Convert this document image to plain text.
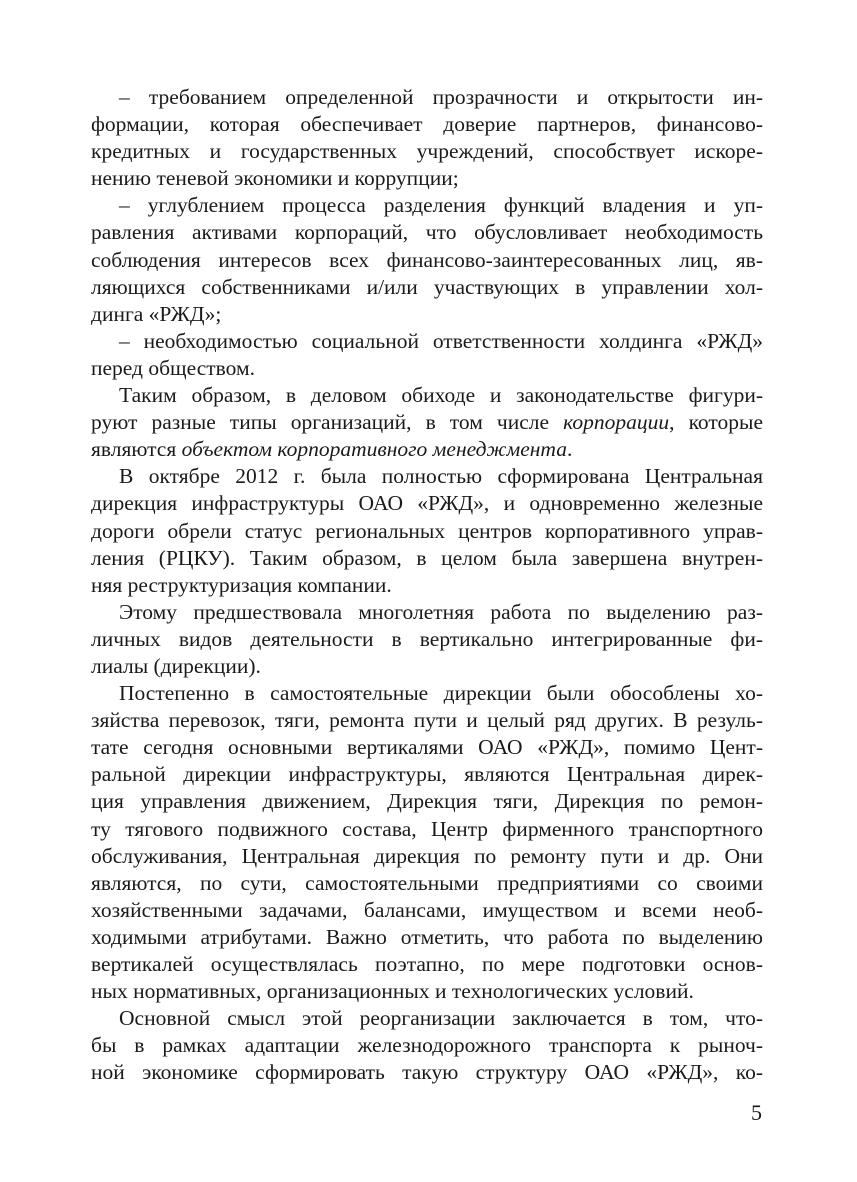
– требованием определенной прозрачности и открытости ин-
формации, которая обеспечивает доверие партнеров, финансово-
кредитных и государственных учреждений, способствует искоре-
нению теневой экономики и коррупции;
– углублением процесса разделения функций владения и уп-
равления активами корпораций, что обусловливает необходимость
соблюдения интересов всех финансово-заинтересованных лиц, яв-
ляющихся собственниками и/или участвующих в управлении хол-
динга «РЖД»;
– необходимостью социальной ответственности холдинга «РЖД»
перед обществом.
Таким образом, в деловом обиходе и законодательстве фигури-
руют разные типы организаций, в том числе корпорации, которые
являются объектом корпоративного менеджмента.
В октябре 2012 г. была полностью сформирована Центральная
дирекция инфраструктуры ОАО «РЖД», и одновременно железные
дороги обрели статус региональных центров корпоративного управ-
ления (РЦКУ). Таким образом, в целом была завершена внутрен-
няя реструктуризация компании.
Этому предшествовала многолетняя работа по выделению раз-
личных видов деятельности в вертикально интегрированные фи-
лиалы (дирекции).
Постепенно в самостоятельные дирекции были обособлены хо-
зяйства перевозок, тяги, ремонта пути и целый ряд других. В резуль-
тате сегодня основными вертикалями ОАО «РЖД», помимо Цент-
ральной дирекции инфраструктуры, являются Центральная дирек-
ция управления движением, Дирекция тяги, Дирекция по ремон-
ту тягового подвижного состава, Центр фирменного транспортного
обслуживания, Центральная дирекция по ремонту пути и др. Они
являются, по сути, самостоятельными предприятиями со своими
хозяйственными задачами, балансами, имуществом и всеми необ-
ходимыми атрибутами. Важно отметить, что работа по выделению
вертикалей осуществлялась поэтапно, по мере подготовки основ-
ных нормативных, организационных и технологических условий.
Основной смысл этой реорганизации заключается в том, что-
бы в рамках адаптации железнодорожного транспорта к рыноч-
ной экономике сформировать такую структуру ОАО «РЖД», ко-
5
